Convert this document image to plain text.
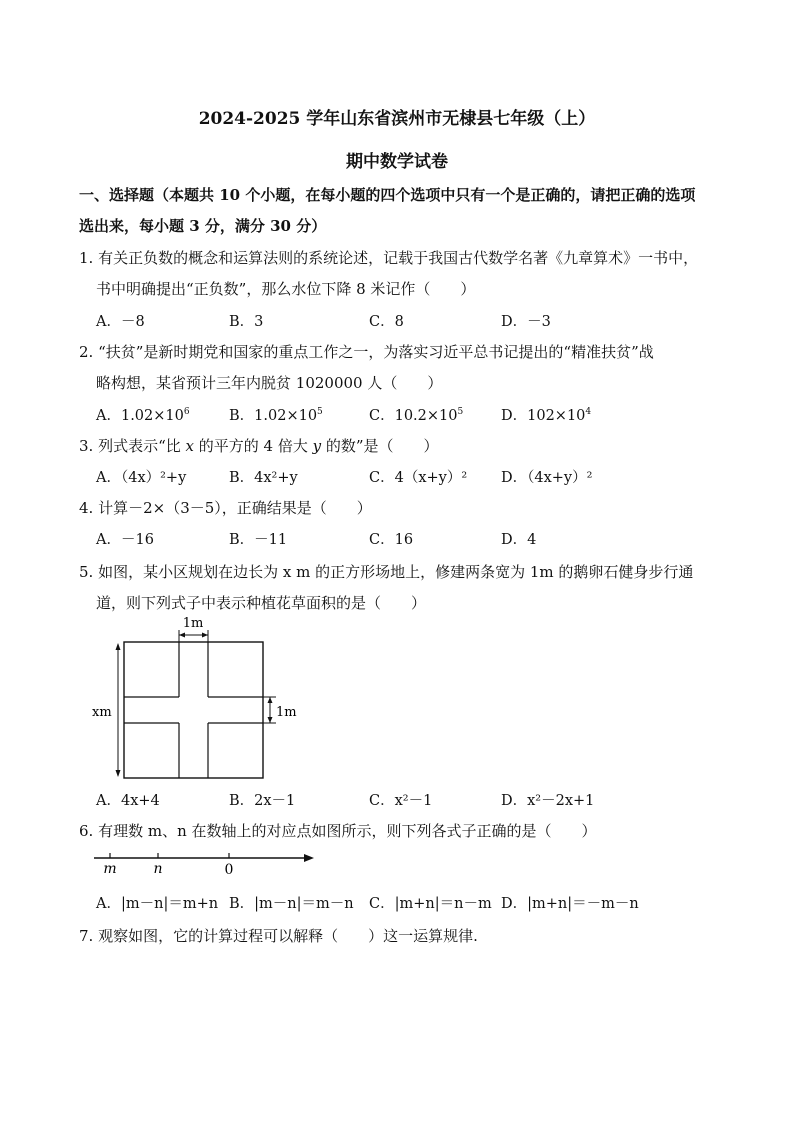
2024-2025 学年山东省滨州市无棣县七年级（上）
期中数学试卷
一、选择题（本题共 10 个小题，在每小题的四个选项中只有一个是正确的，请把正确的选项
选出来，每小题 3 分，满分 30 分）
1. 有关正负数的概念和运算法则的系统论述，记载于我国古代数学名著《九章算术》一书中，
书中明确提出“正负数”，那么水位下降 8 米记作（　　）
A．－8	B．3	C．8	D．－3
2. “扶贫”是新时期党和国家的重点工作之一，为落实习近平总书记提出的“精准扶贫”战
略构想，某省预计三年内脱贫 1020000 人（　　）
A．$1.02\times 10^6$	B．$1.02\times 10^5$	C．$10.2\times 10^5$	D．$102\times 10^4$
3. 列式表示“比 x 的平方的 4 倍大 y 的数”是（　　）
A．（4x）²+y	B．4x²+y	C．4（x+y）² D．（4x+y）²
4. 计算－2×（3－5），正确结果是（　　）
A．－16	B．－11	C．16	D．4
5. 如图，某小区规划在边长为 x m 的正方形场地上，修建两条宽为 1m 的鹅卵石健身步行通
道，则下列式子中表示种植花草面积的是（　　）
1m
1m
xm
A．4x+4	B．2x－1	C．x²－1	D．x²－2x+1
6. 有理数 m、n 在数轴上的对应点如图所示，则下列各式子正确的是（　　）
m	n	0
A．|m－n|＝m+n B．|m－n|＝m－n C．|m+n|＝n－m D．|m+n|＝－m－n
7. 观察如图，它的计算过程可以解释（　　）这一运算规律.
